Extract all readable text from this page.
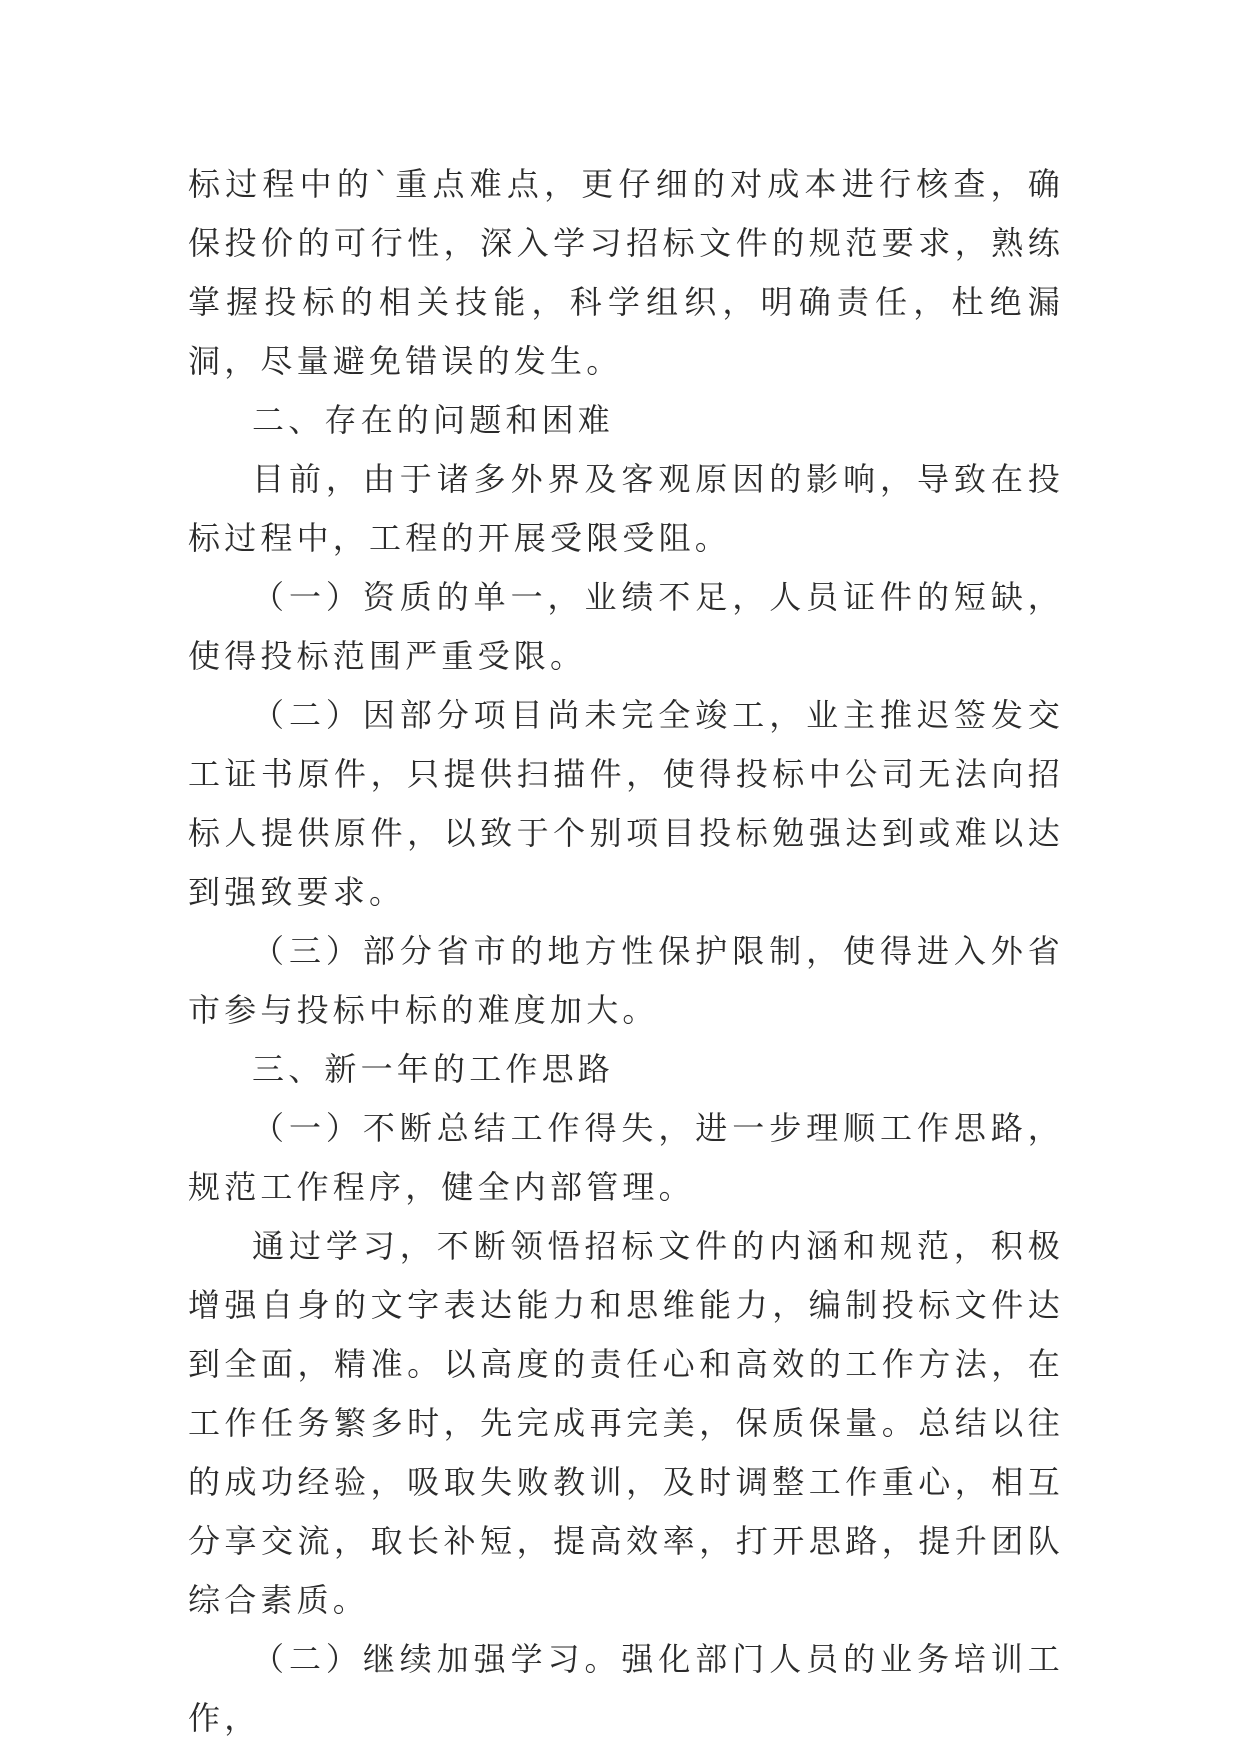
标过程中的`重点难点，更仔细的对成本进行核查，确保投价的可行性，深入学习招标文件的规范要求，熟练掌握投标的相关技能，科学组织，明确责任，杜绝漏洞，尽量避免错误的发生。

二、存在的问题和困难

目前，由于诸多外界及客观原因的影响，导致在投标过程中，工程的开展受限受阻。

（一）资质的单一，业绩不足，人员证件的短缺，使得投标范围严重受限。

（二）因部分项目尚未完全竣工，业主推迟签发交工证书原件，只提供扫描件，使得投标中公司无法向招标人提供原件，以致于个别项目投标勉强达到或难以达到强致要求。

（三）部分省市的地方性保护限制，使得进入外省市参与投标中标的难度加大。

三、新一年的工作思路

（一）不断总结工作得失，进一步理顺工作思路，规范工作程序，健全内部管理。

通过学习，不断领悟招标文件的内涵和规范，积极增强自身的文字表达能力和思维能力，编制投标文件达到全面，精准。以高度的责任心和高效的工作方法，在工作任务繁多时，先完成再完美，保质保量。总结以往的成功经验，吸取失败教训，及时调整工作重心，相互分享交流，取长补短，提高效率，打开思路，提升团队综合素质。

（二）继续加强学习。强化部门人员的业务培训工作，
